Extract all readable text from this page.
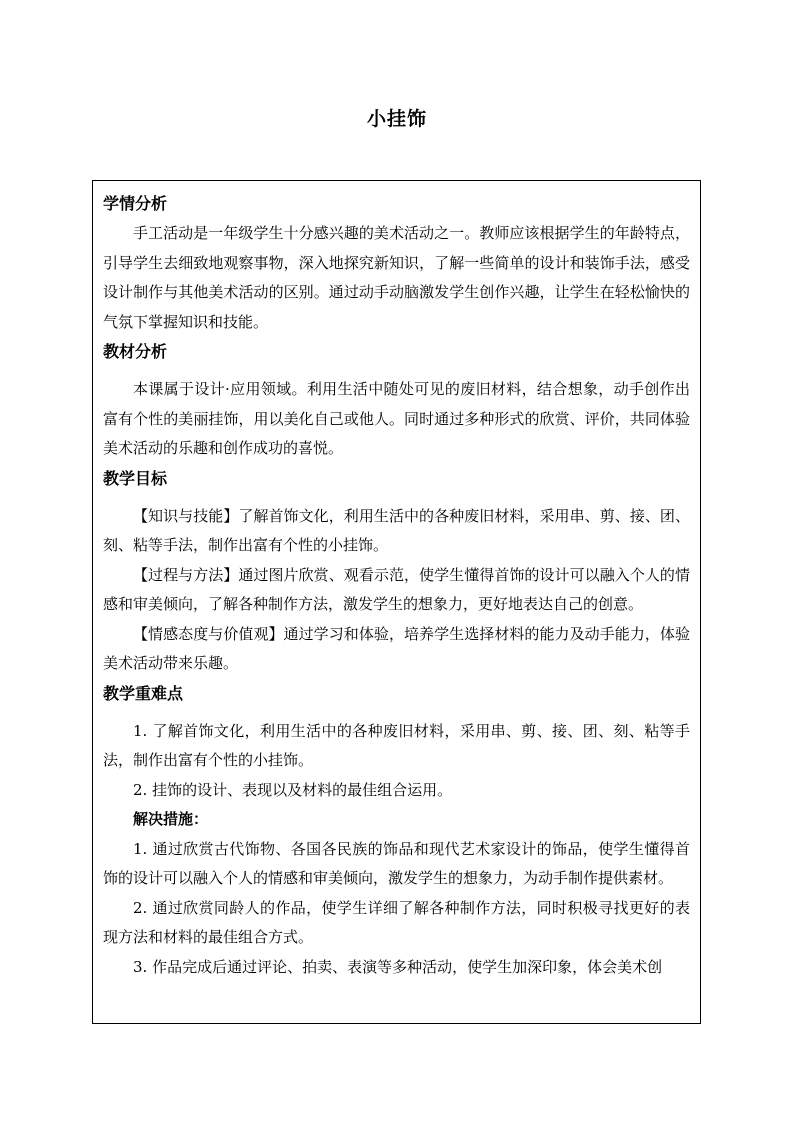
小挂饰
学情分析

手工活动是一年级学生十分感兴趣的美术活动之一。教师应该根据学生的年龄特点，引导学生去细致地观察事物，深入地探究新知识，了解一些简单的设计和装饰手法，感受设计制作与其他美术活动的区别。通过动手动脑激发学生创作兴趣，让学生在轻松愉快的气氛下掌握知识和技能。

教材分析

本课属于设计·应用领域。利用生活中随处可见的废旧材料，结合想象，动手创作出富有个性的美丽挂饰，用以美化自己或他人。同时通过多种形式的欣赏、评价，共同体验美术活动的乐趣和创作成功的喜悦。

教学目标

【知识与技能】了解首饰文化，利用生活中的各种废旧材料，采用串、剪、接、团、刻、粘等手法，制作出富有个性的小挂饰。

【过程与方法】通过图片欣赏、观看示范，使学生懂得首饰的设计可以融入个人的情感和审美倾向，了解各种制作方法，激发学生的想象力，更好地表达自己的创意。

【情感态度与价值观】通过学习和体验，培养学生选择材料的能力及动手能力，体验美术活动带来乐趣。

教学重难点

1. 了解首饰文化，利用生活中的各种废旧材料，采用串、剪、接、团、刻、粘等手法，制作出富有个性的小挂饰。

2. 挂饰的设计、表现以及材料的最佳组合运用。

解决措施：

1. 通过欣赏古代饰物、各国各民族的饰品和现代艺术家设计的饰品，使学生懂得首饰的设计可以融入个人的情感和审美倾向，激发学生的想象力，为动手制作提供素材。

2. 通过欣赏同龄人的作品，使学生详细了解各种制作方法，同时积极寻找更好的表现方法和材料的最佳组合方式。

3. 作品完成后通过评论、拍卖、表演等多种活动，使学生加深印象，体会美术创
